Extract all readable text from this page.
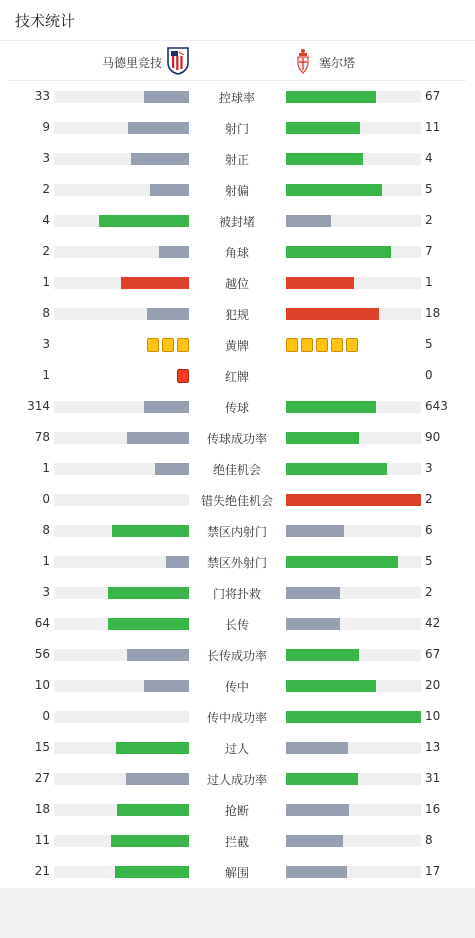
技术统计
马德里竞技	塞尔塔
33	控球率	67
9	射门	11
3	射正	4
2	射偏	5
4	被封堵	2
2	角球	7
1	越位	1
8	犯规	18
3	黄牌	5
1	红牌	0
314	传球	643
78	传球成功率	90
1	绝佳机会	3
0	错失绝佳机会	2
8	禁区内射门	6
1	禁区外射门	5
3	门将扑救	2
64	长传	42
56	长传成功率	67
10	传中	20
0	传中成功率	10
15	过人	13
27	过人成功率	31
18	抢断	16
11	拦截	8
21	解围	17
